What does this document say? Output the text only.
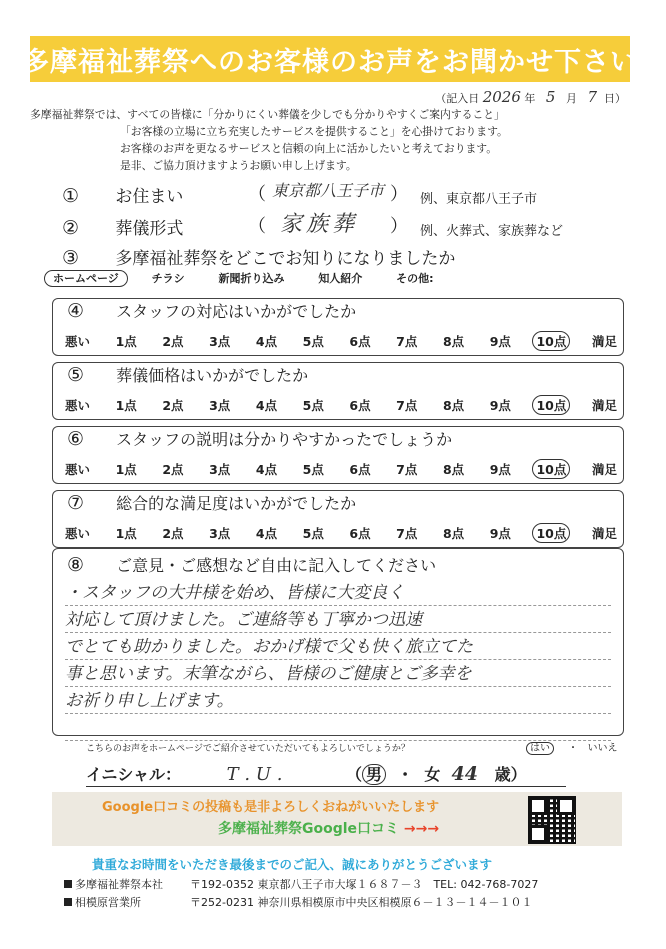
多摩福祉葬祭へのお客様のお声をお聞かせ下さい
（記入日 2026 年 5 月 7 日）
多摩福祉葬祭では、すべての皆様に「分かりにくい葬儀を少しでも分かりやすくご案内すること」
「お客様の立場に立ち充実したサービスを提供すること」を心掛けております。
お客様のお声を更なるサービスと信頼の向上に活かしたいと考えております。
是非、ご協力頂けますようお願い申し上げます。
① お住まい	（ 東京都八王子市 ） 例、東京都八王子市
② 葬儀形式	（ 家族葬 ） 例、火葬式、家族葬など
③ 多摩福祉葬祭をどこでお知りになりましたか
ホームページ	チラシ	新聞折り込み	知人紹介	その他:
④ スタッフの対応はいかがでしたか
悪い 1点 2点 3点 4点 5点 6点 7点 8点 9点	10点	満足
⑤ 葬儀価格はいかがでしたか
悪い 1点 2点 3点 4点 5点 6点 7点 8点 9点	10点	満足
⑥ スタッフの説明は分かりやすかったでしょうか
悪い 1点 2点 3点 4点 5点 6点 7点 8点 9点	10点	満足
⑦ 総合的な満足度はいかがでしたか
悪い 1点 2点 3点 4点 5点 6点 7点 8点 9点	10点	満足
⑧ ご意見・ご感想など自由に記入してください
・スタッフの大井様を始め、皆様に大変良く
対応して頂けました。ご連絡等も丁寧かつ迅速
でとても助かりました。おかげ様で父も快く旅立てた
事と思います。末筆ながら、皆様のご健康とご多幸を
お祈り申し上げます。
こちらのお声をホームページでご紹介させていただいてもよろしいでしょうか？	はい ・ いいえ
イニシャル：	T . U .	（ 男 ・ 女 44 歳）
Google口コミの投稿も是非よろしくおねがいいたします
多摩福祉葬祭Google口コミ →→→
貴重なお時間をいただき最後までのご記入、誠にありがとうございます
多摩福祉葬祭本社 〒192-0352 東京都八王子市大塚１６８７－３　TEL: 042-768-7027
相模原営業所	〒252-0231 神奈川県相模原市中央区相模原６－１３－１４－１０１
